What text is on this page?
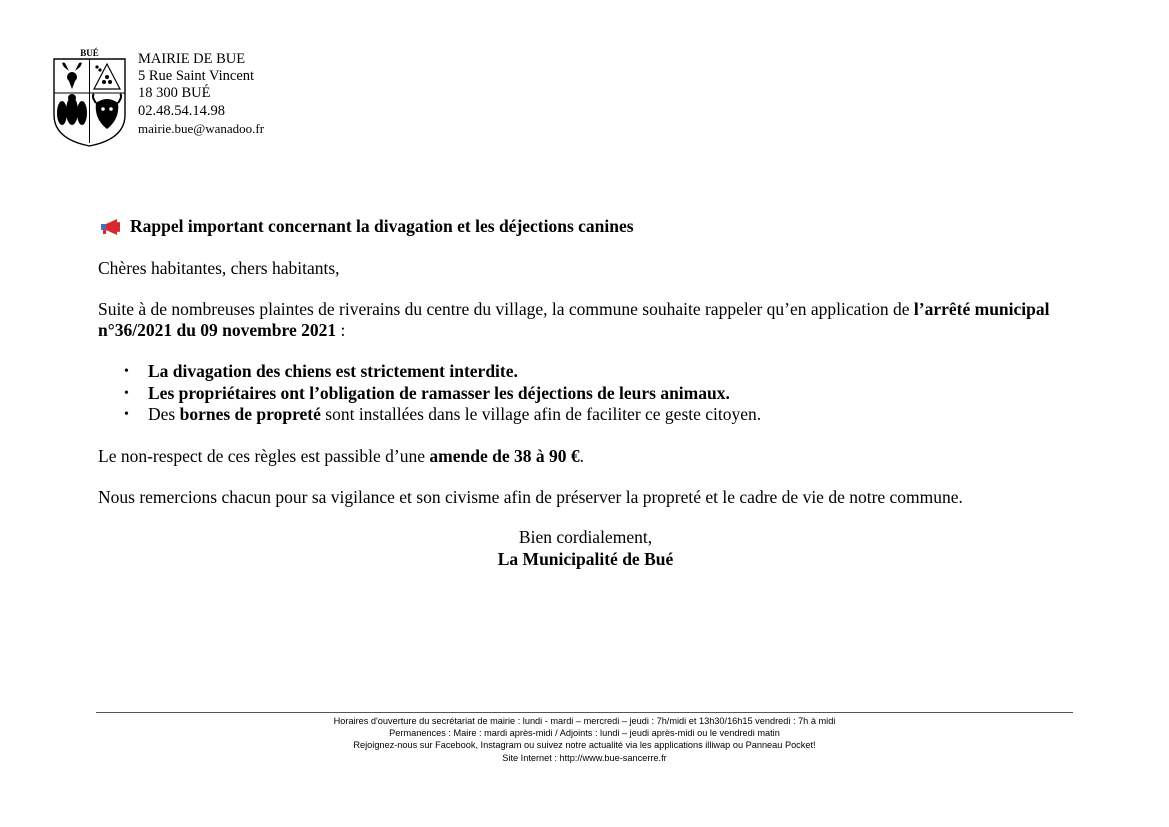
BUÉ	MAIRIE DE BUE
5 Rue Saint Vincent
18 300 BUÉ
02.48.54.14.98
mairie.bue@wanadoo.fr
Rappel important concernant la divagation et les déjections canines

Chères habitantes, chers habitants,

Suite à de nombreuses plaintes de riverains du centre du village, la commune souhaite rappeler qu’en application de l’arrêté municipal n°36/2021 du 09 novembre 2021 :

• La divagation des chiens est strictement interdite.
• Les propriétaires ont l’obligation de ramasser les déjections de leurs animaux.
• Des bornes de propreté sont installées dans le village afin de faciliter ce geste citoyen.

Le non-respect de ces règles est passible d’une amende de 38 à 90 €.

Nous remercions chacun pour sa vigilance et son civisme afin de préserver la propreté et le cadre de vie de notre commune.

Bien cordialement,
La Municipalité de Bué
Horaires d'ouverture du secrétariat de mairie : lundi - mardi – mercredi – jeudi : 7h/midi et 13h30/16h15 vendredi : 7h à midi
Permanences : Maire : mardi après-midi / Adjoints : lundi – jeudi après-midi ou le vendredi matin
Rejoignez-nous sur Facebook, Instagram ou suivez notre actualité via les applications illiwap ou Panneau Pocket!
Site Internet : http://www.bue-sancerre.fr
